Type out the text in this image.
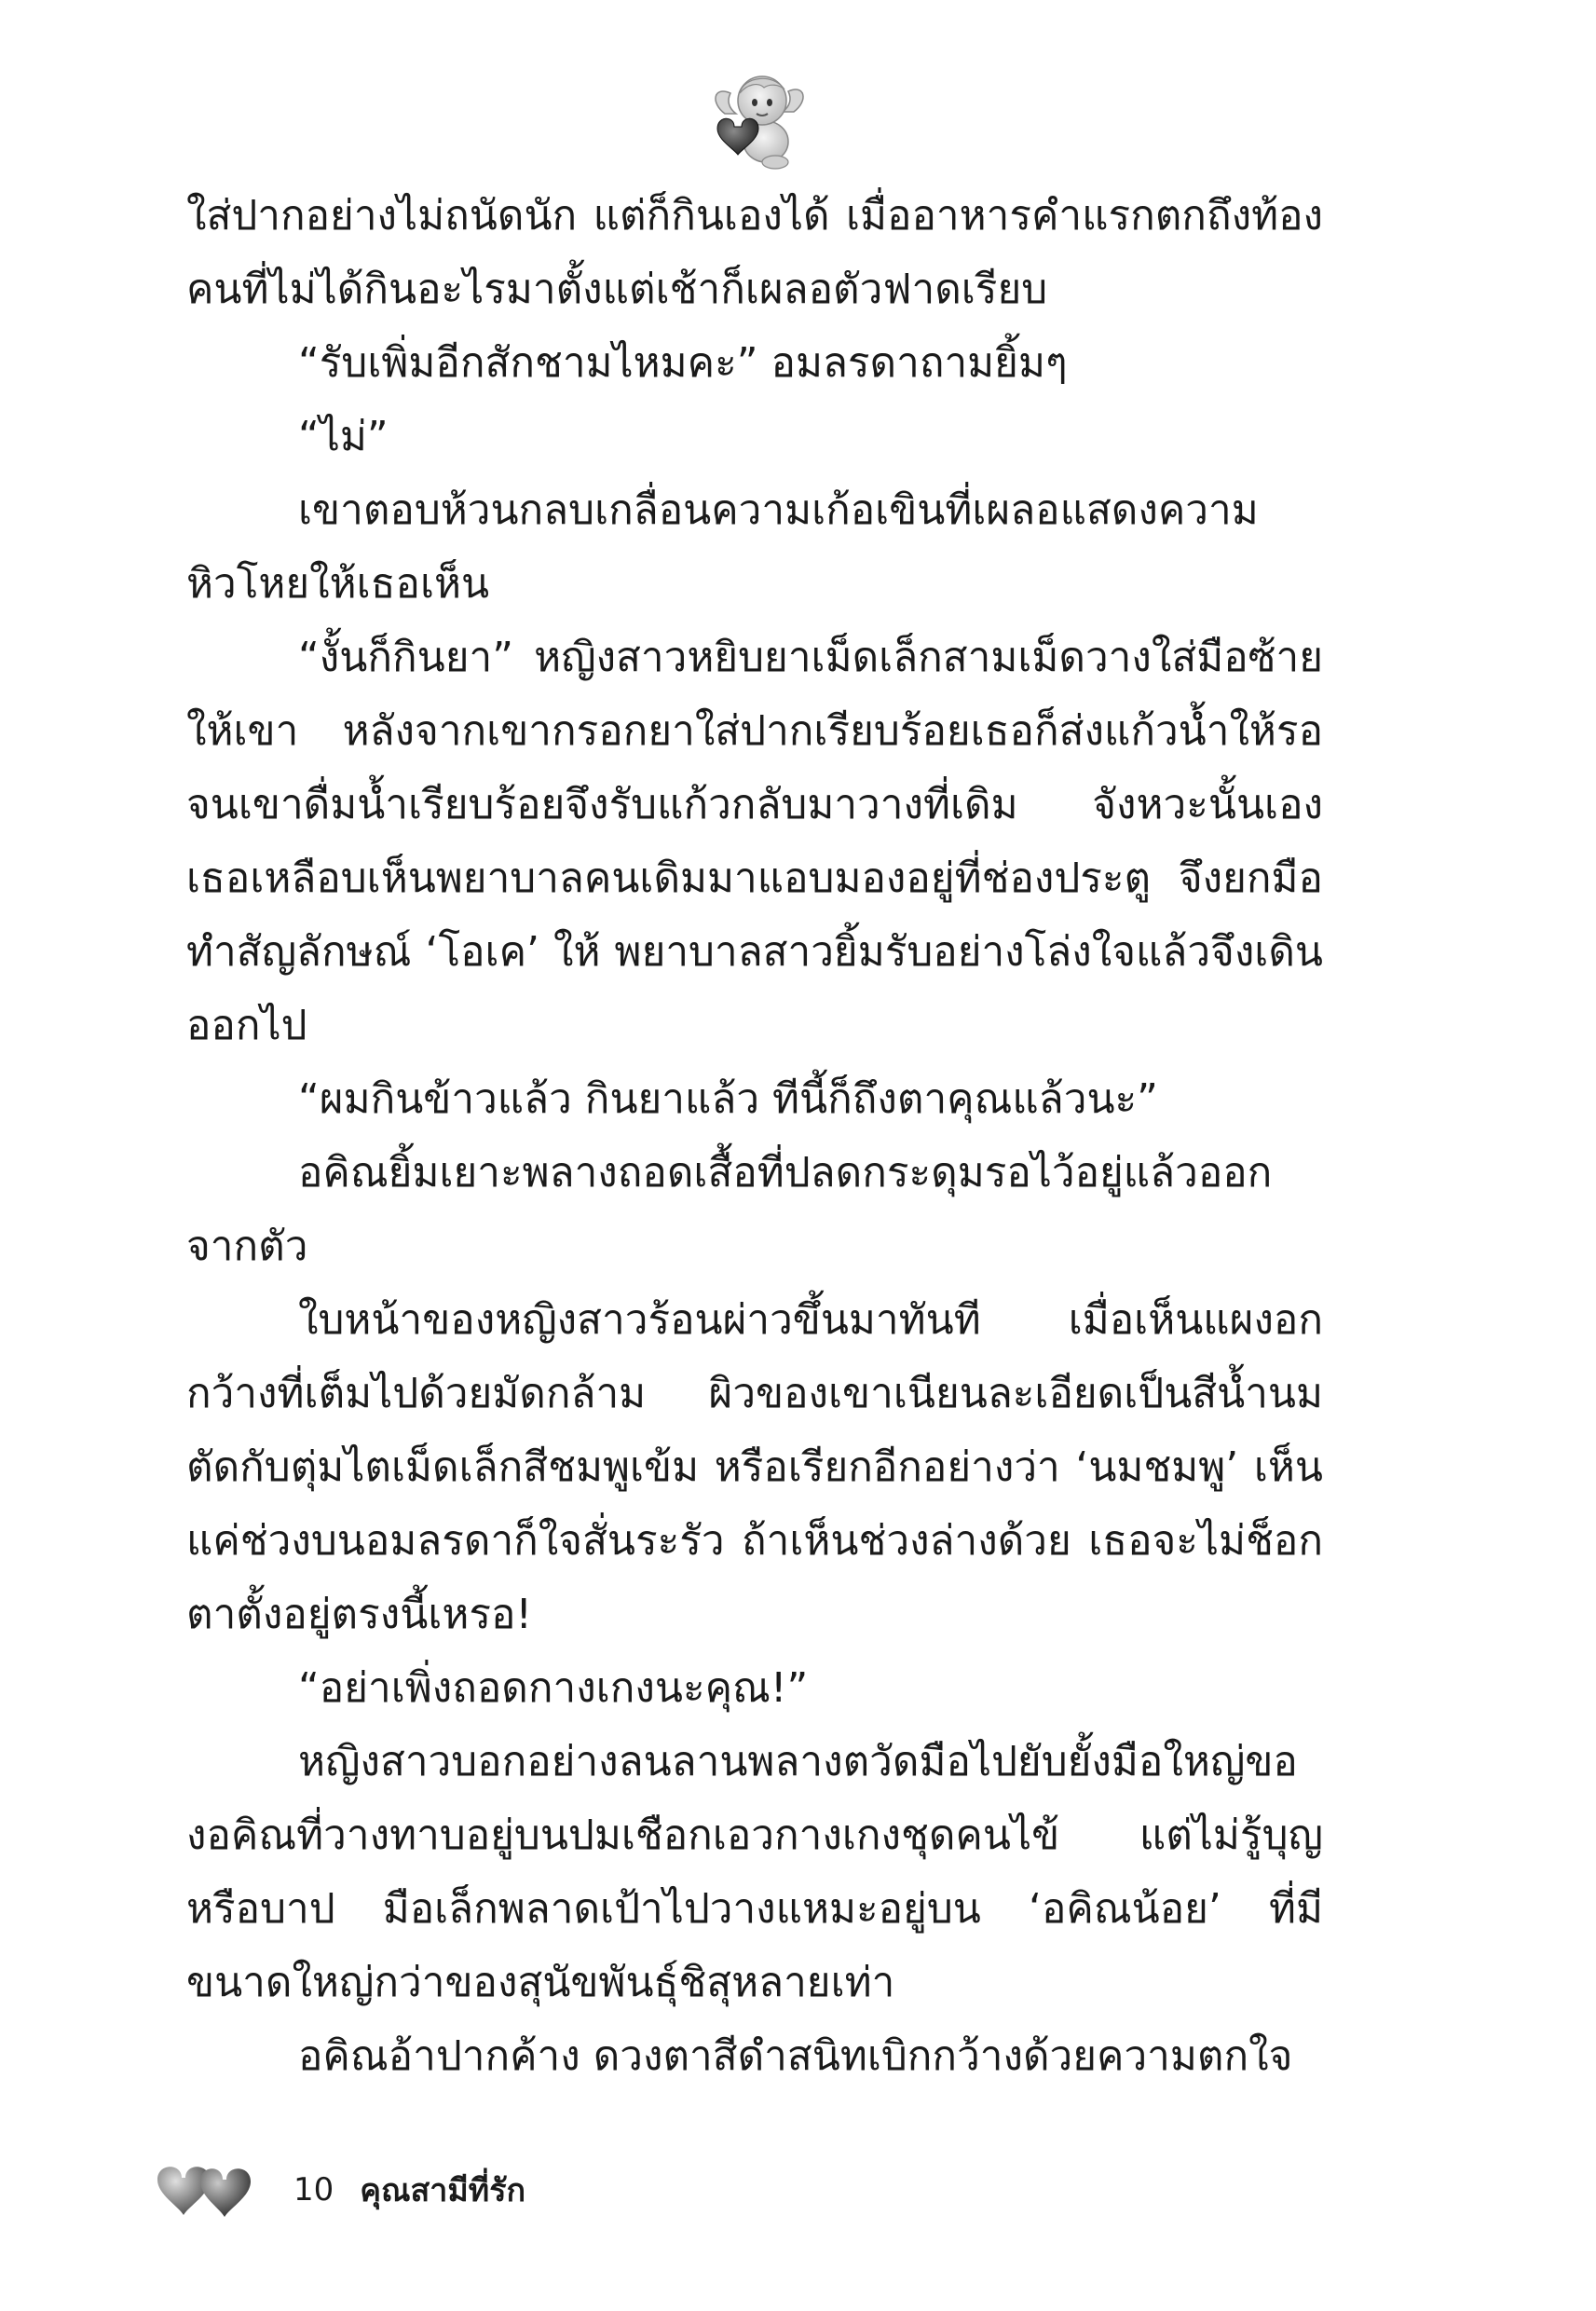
ใส่ปากอย่างไม่ถนัดนัก แต่ก็กินเองได้ เมื่ออาหารคำแรกตกถึงท้องคนที่ไม่ได้กินอะไรมาตั้งแต่เช้าก็เผลอตัวฟาดเรียบ

“รับเพิ่มอีกสักชามไหมคะ” อมลรดาถามยิ้มๆ

“ไม่”

เขาตอบห้วนกลบเกลื่อนความเก้อเขินที่เผลอแสดงความหิวโหยให้เธอเห็น

“งั้นก็กินยา” หญิงสาวหยิบยาเม็ดเล็กสามเม็ดวางใส่มือซ้ายให้เขา หลังจากเขากรอกยาใส่ปากเรียบร้อยเธอก็ส่งแก้วน้ำให้รอจนเขาดื่มน้ำเรียบร้อยจึงรับแก้วกลับมาวางที่เดิม จังหวะนั้นเองเธอเหลือบเห็นพยาบาลคนเดิมมาแอบมองอยู่ที่ช่องประตู จึงยกมือทำสัญลักษณ์ ‘โอเค’ ให้ พยาบาลสาวยิ้มรับอย่างโล่งใจแล้วจึงเดินออกไป

“ผมกินข้าวแล้ว กินยาแล้ว ทีนี้ก็ถึงตาคุณแล้วนะ”

อคิณยิ้มเยาะพลางถอดเสื้อที่ปลดกระดุมรอไว้อยู่แล้วออกจากตัว

ใบหน้าของหญิงสาวร้อนผ่าวขึ้นมาทันที เมื่อเห็นแผงอกกว้างที่เต็มไปด้วยมัดกล้าม ผิวของเขาเนียนละเอียดเป็นสีน้ำนม ตัดกับตุ่มไตเม็ดเล็กสีชมพูเข้ม หรือเรียกอีกอย่างว่า ‘นมชมพู’ เห็นแค่ช่วงบนอมลรดาก็ใจสั่นระรัว ถ้าเห็นช่วงล่างด้วย เธอจะไม่ช็อกตาตั้งอยู่ตรงนี้เหรอ!

“อย่าเพิ่งถอดกางเกงนะคุณ!”

หญิงสาวบอกอย่างลนลานพลางตวัดมือไปยับยั้งมือใหญ่ของอคิณที่วางทาบอยู่บนปมเชือกเอวกางเกงชุดคนไข้ แต่ไม่รู้บุญหรือบาป มือเล็กพลาดเป้าไปวางแหมะอยู่บน ‘อคิณน้อย’ ที่มีขนาดใหญ่กว่าของสุนัขพันธุ์ชิสุหลายเท่า

อคิณอ้าปากค้าง ดวงตาสีดำสนิทเบิกกว้างด้วยความตกใจ

10 คุณสามีที่รัก
